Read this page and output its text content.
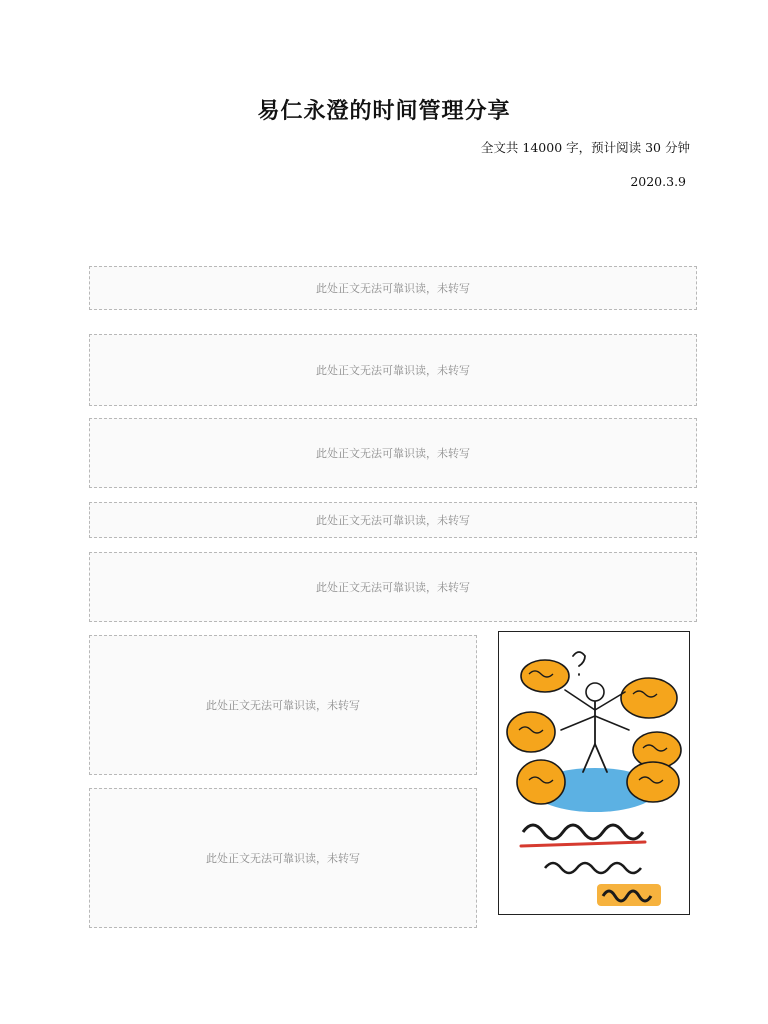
易仁永澄的时间管理分享
全文共 14000 字，预计阅读 30 分钟
2020.3.9
此处正文无法可靠识读，未转写
此处正文无法可靠识读，未转写
此处正文无法可靠识读，未转写
此处正文无法可靠识读，未转写
此处正文无法可靠识读，未转写
此处正文无法可靠识读，未转写
此处正文无法可靠识读，未转写
